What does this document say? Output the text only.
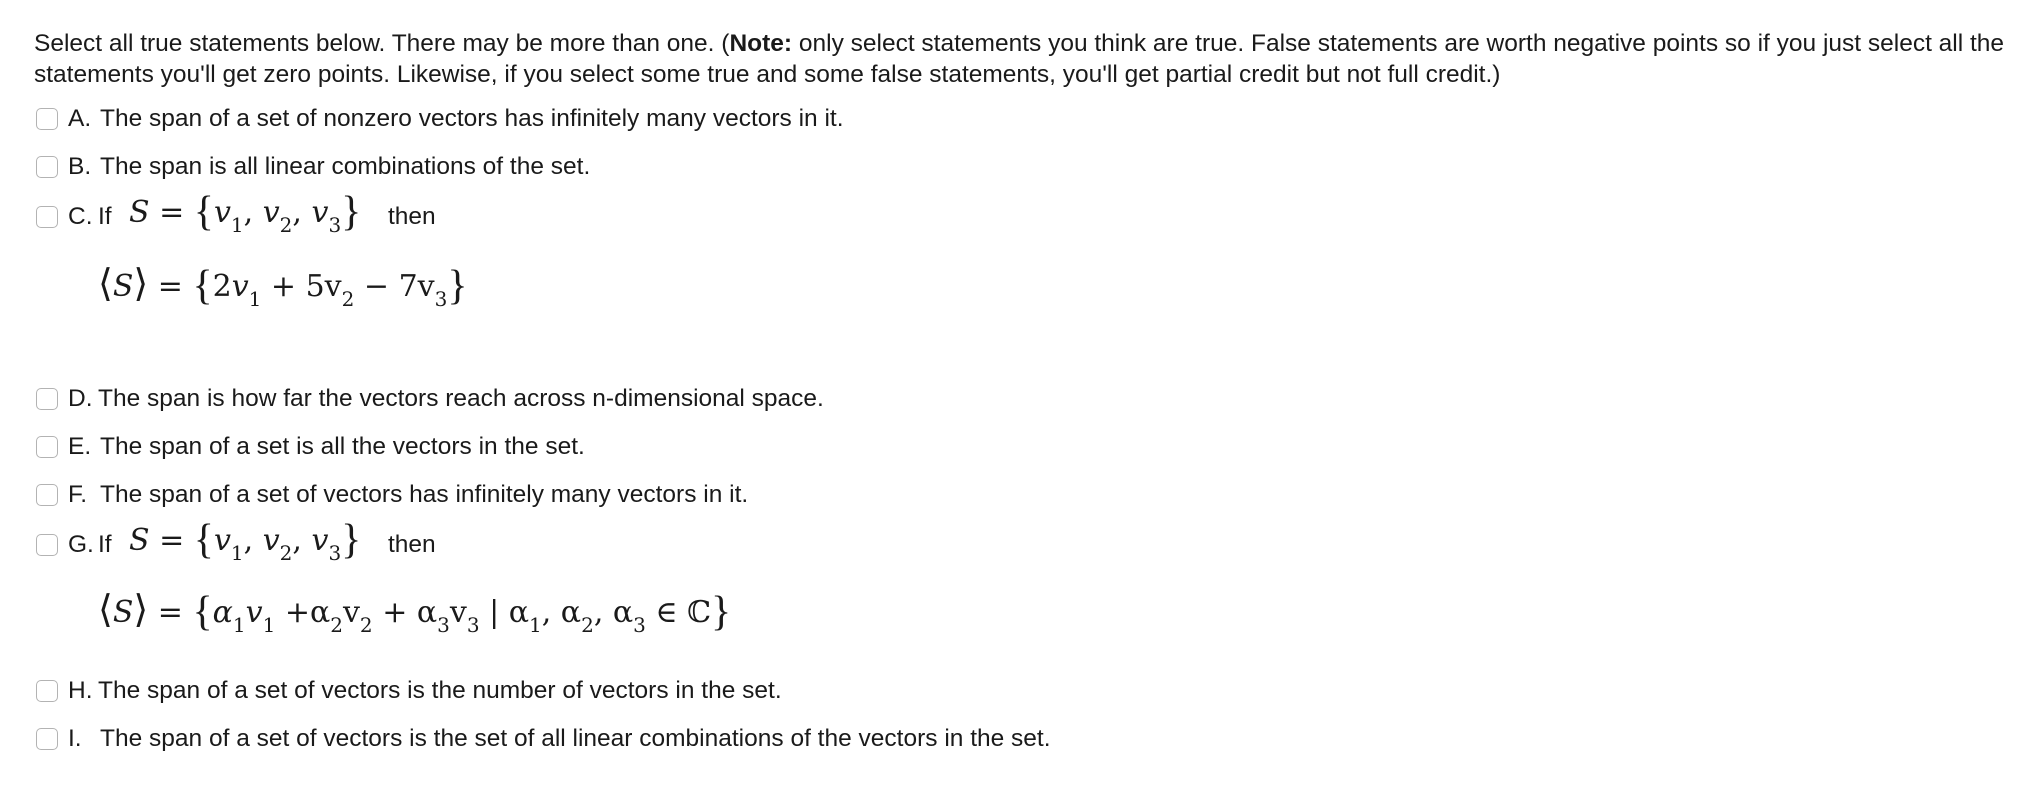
Select all true statements below. There may be more than one. (Note: only select statements you think are true. False statements are worth negative points so if you just select all the statements you'll get zero points. Likewise, if you select some true and some false statements, you'll get partial credit but not full credit.)
A. The span of a set of nonzero vectors has infinitely many vectors in it.
B. The span is all linear combinations of the set.
C. If $S = \{v_1$, $v_2$, $v_3$} then
⟨S⟩ = $\{2v_1 + 5v_2 - 7v_3\}$
D. The span is how far the vectors reach across n-dimensional space.
E. The span of a set is all the vectors in the set.
F. The span of a set of vectors has infinitely many vectors in it.
G. If $S = \{v_1$, $v_2$, $v_3$} then
⟨S⟩ = {$\alpha_1v_1 +\alpha_2v_2 + \alpha_3v_3$ | $\alpha_1$, $\alpha_2$, $\alpha_3$ ∈ ℂ}
H. The span of a set of vectors is the number of vectors in the set.
I. The span of a set of vectors is the set of all linear combinations of the vectors in the set.
